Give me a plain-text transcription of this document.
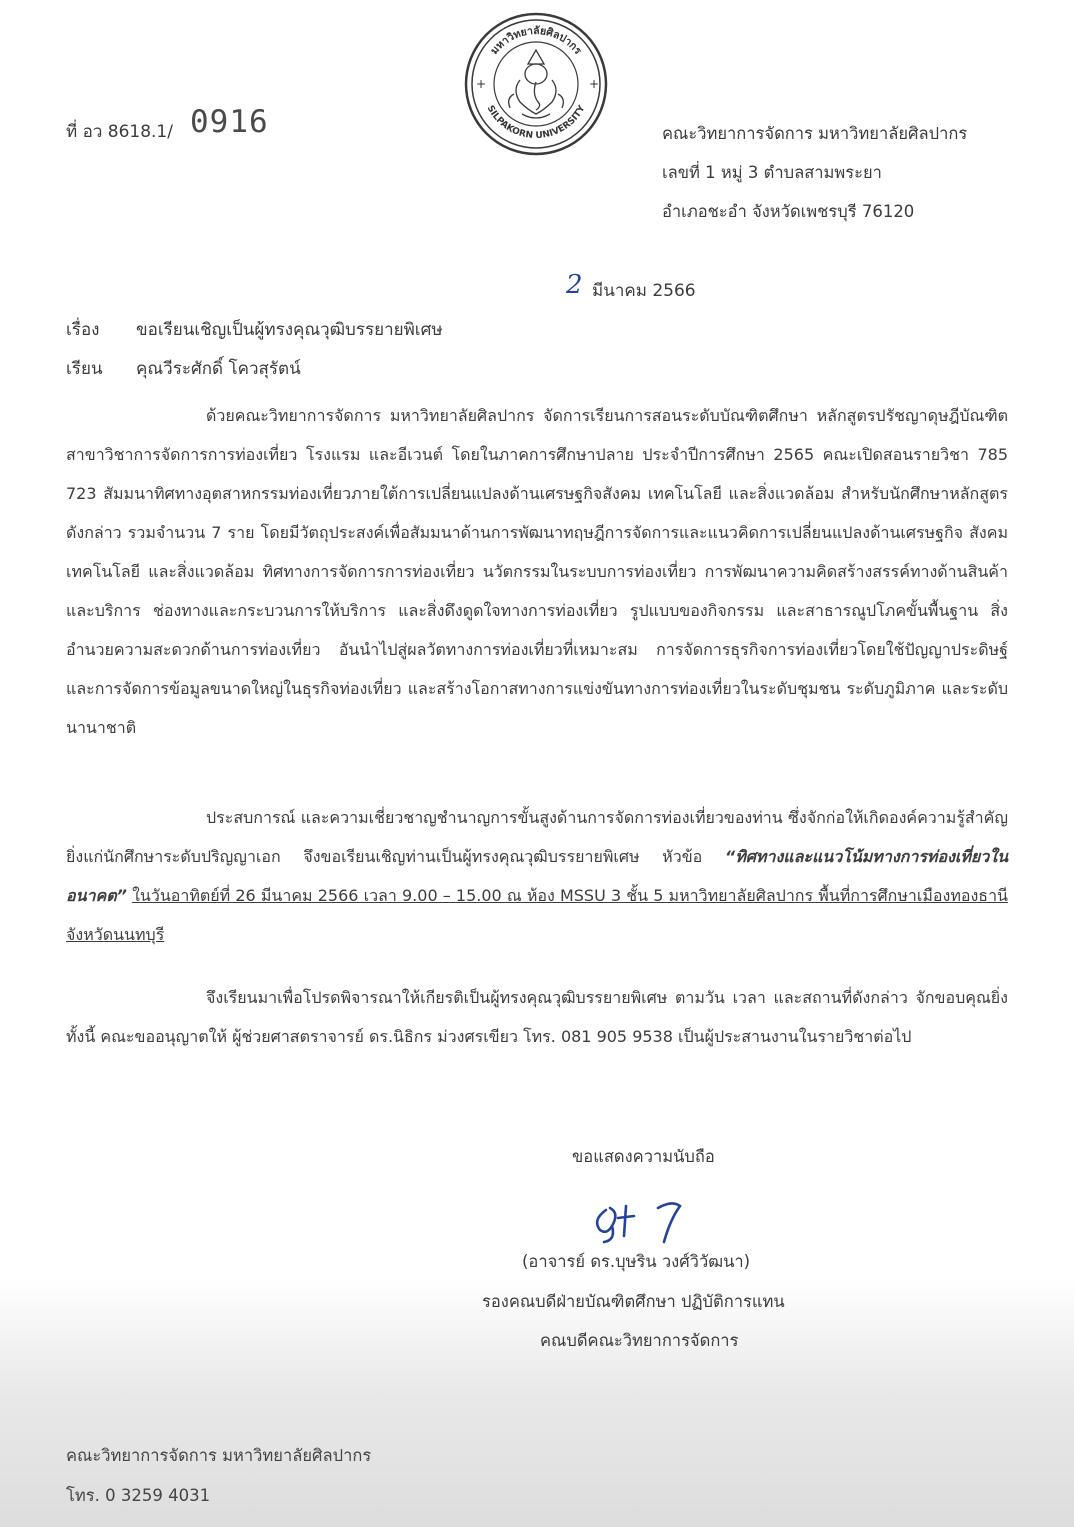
ที่ อว 8618.1/ 0916
มหาวิทยาลัยศิลปากร
SILPAKORN UNIVERSITY
+	+
คณะวิทยาการจัดการ มหาวิทยาลัยศิลปากร
เลขที่ 1 หมู่ 3 ตำบลสามพระยา
อำเภอชะอำ จังหวัดเพชรบุรี 76120
2 มีนาคม 2566
เรื่อง ขอเรียนเชิญเป็นผู้ทรงคุณวุฒิบรรยายพิเศษ
เรียน คุณวีระศักดิ์ โควสุรัตน์
ด้วยคณะวิทยาการจัดการ มหาวิทยาลัยศิลปากร จัดการเรียนการสอนระดับบัณฑิตศึกษา หลักสูตรปรัชญาดุษฎีบัณฑิต สาขาวิชาการจัดการการท่องเที่ยว โรงแรม และอีเวนต์ โดยในภาคการศึกษาปลาย ประจำปีการศึกษา 2565 คณะเปิดสอนรายวิชา 785 723 สัมมนาทิศทางอุตสาหกรรมท่องเที่ยวภายใต้การเปลี่ยนแปลงด้านเศรษฐกิจสังคม เทคโนโลยี และสิ่งแวดล้อม สำหรับนักศึกษาหลักสูตรดังกล่าว รวมจำนวน 7 ราย โดยมีวัตถุประสงค์เพื่อสัมมนาด้านการพัฒนาทฤษฎีการจัดการและแนวคิดการเปลี่ยนแปลงด้านเศรษฐกิจ สังคม เทคโนโลยี และสิ่งแวดล้อม ทิศทางการจัดการการท่องเที่ยว นวัตกรรมในระบบการท่องเที่ยว การพัฒนาความคิดสร้างสรรค์ทางด้านสินค้าและบริการ ช่องทางและกระบวนการให้บริการ และสิ่งดึงดูดใจทางการท่องเที่ยว รูปแบบของกิจกรรม และสาธารณูปโภคขั้นพื้นฐาน สิ่งอำนวยความสะดวกด้านการท่องเที่ยว อันนำไปสู่ผลวัตทางการท่องเที่ยวที่เหมาะสม การจัดการธุรกิจการท่องเที่ยวโดยใช้ปัญญาประดิษฐ์และการจัดการข้อมูลขนาดใหญ่ในธุรกิจท่องเที่ยว และสร้างโอกาสทางการแข่งขันทางการท่องเที่ยวในระดับชุมชน ระดับภูมิภาค และระดับนานาชาติ
ประสบการณ์ และความเชี่ยวชาญชำนาญการขั้นสูงด้านการจัดการท่องเที่ยวของท่าน ซึ่งจักก่อให้เกิดองค์ความรู้สำคัญยิ่งแก่นักศึกษาระดับปริญญาเอก จึงขอเรียนเชิญท่านเป็นผู้ทรงคุณวุฒิบรรยายพิเศษ หัวข้อ “ทิศทางและแนวโน้มทางการท่องเที่ยวในอนาคต” ในวันอาทิตย์ที่ 26 มีนาคม 2566 เวลา 9.00 – 15.00 ณ ห้อง MSSU 3 ชั้น 5 มหาวิทยาลัยศิลปากร พื้นที่การศึกษาเมืองทองธานี จังหวัดนนทบุรี
จึงเรียนมาเพื่อโปรดพิจารณาให้เกียรติเป็นผู้ทรงคุณวุฒิบรรยายพิเศษ ตามวัน เวลา และสถานที่ดังกล่าว จักขอบคุณยิ่ง ทั้งนี้ คณะขออนุญาตให้ ผู้ช่วยศาสตราจารย์ ดร.นิธิกร ม่วงศรเขียว โทร. 081 905 9538 เป็นผู้ประสานงานในรายวิชาต่อไป
ขอแสดงความนับถือ
(อาจารย์ ดร.บุษริน วงศ์วิวัฒนา)
รองคณบดีฝ่ายบัณฑิตศึกษา ปฏิบัติการแทน
คณบดีคณะวิทยาการจัดการ
คณะวิทยาการจัดการ มหาวิทยาลัยศิลปากร
โทร. 0 3259 4031
